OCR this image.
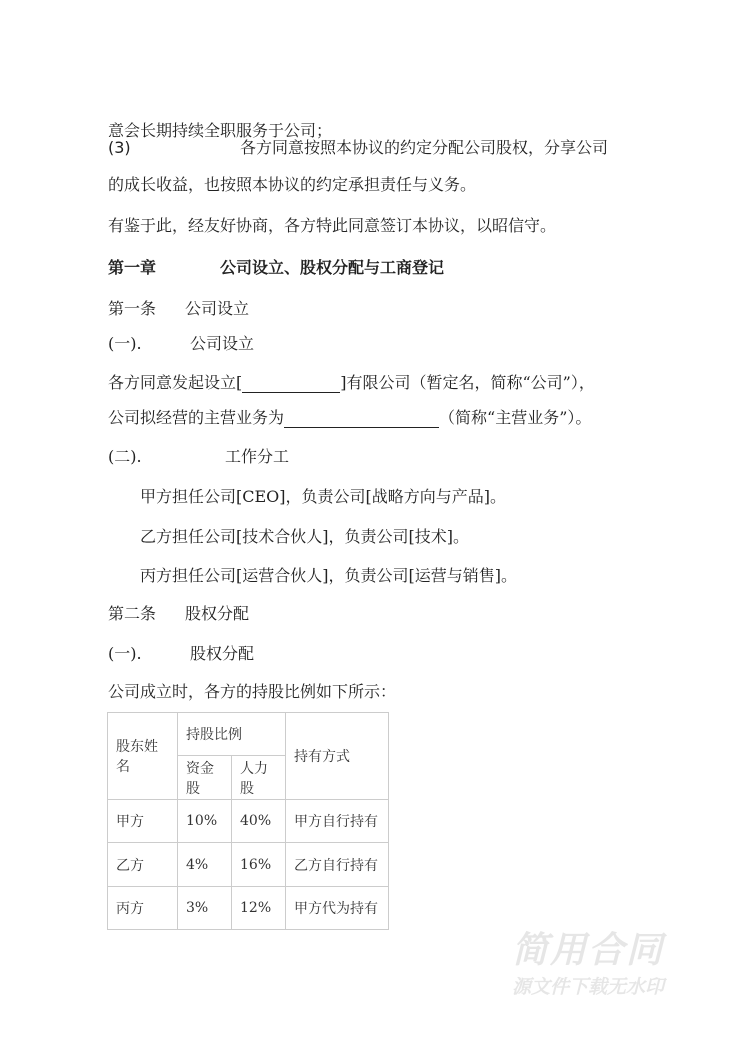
意会长期持续全职服务于公司；
(3)	各方同意按照本协议的约定分配公司股权，分享公司
的成长收益，也按照本协议的约定承担责任与义务。
有鉴于此，经友好协商，各方特此同意签订本协议，以昭信守。
第一章	公司设立、股权分配与工商登记
第一条 公司设立
(一).	公司设立
各方同意发起设立[	]有限公司（暂定名，简称“公司”），
公司拟经营的主营业务为	（简称“主营业务”）。
(二).	工作分工
甲方担任公司[CEO]，负责公司[战略方向与产品]。
乙方担任公司[技术合伙人]，负责公司[技术]。
丙方担任公司[运营合伙人]，负责公司[运营与销售]。
第二条 股权分配
(一).	股权分配
公司成立时，各方的持股比例如下所示：
股东姓名	持股比例		持有方式
	资金股	人力股	
甲方	10%	40%	甲方自行持有
乙方	4%	16%	乙方自行持有
丙方	3%	12%	甲方代为持有
简用合同
源文件下载无水印
